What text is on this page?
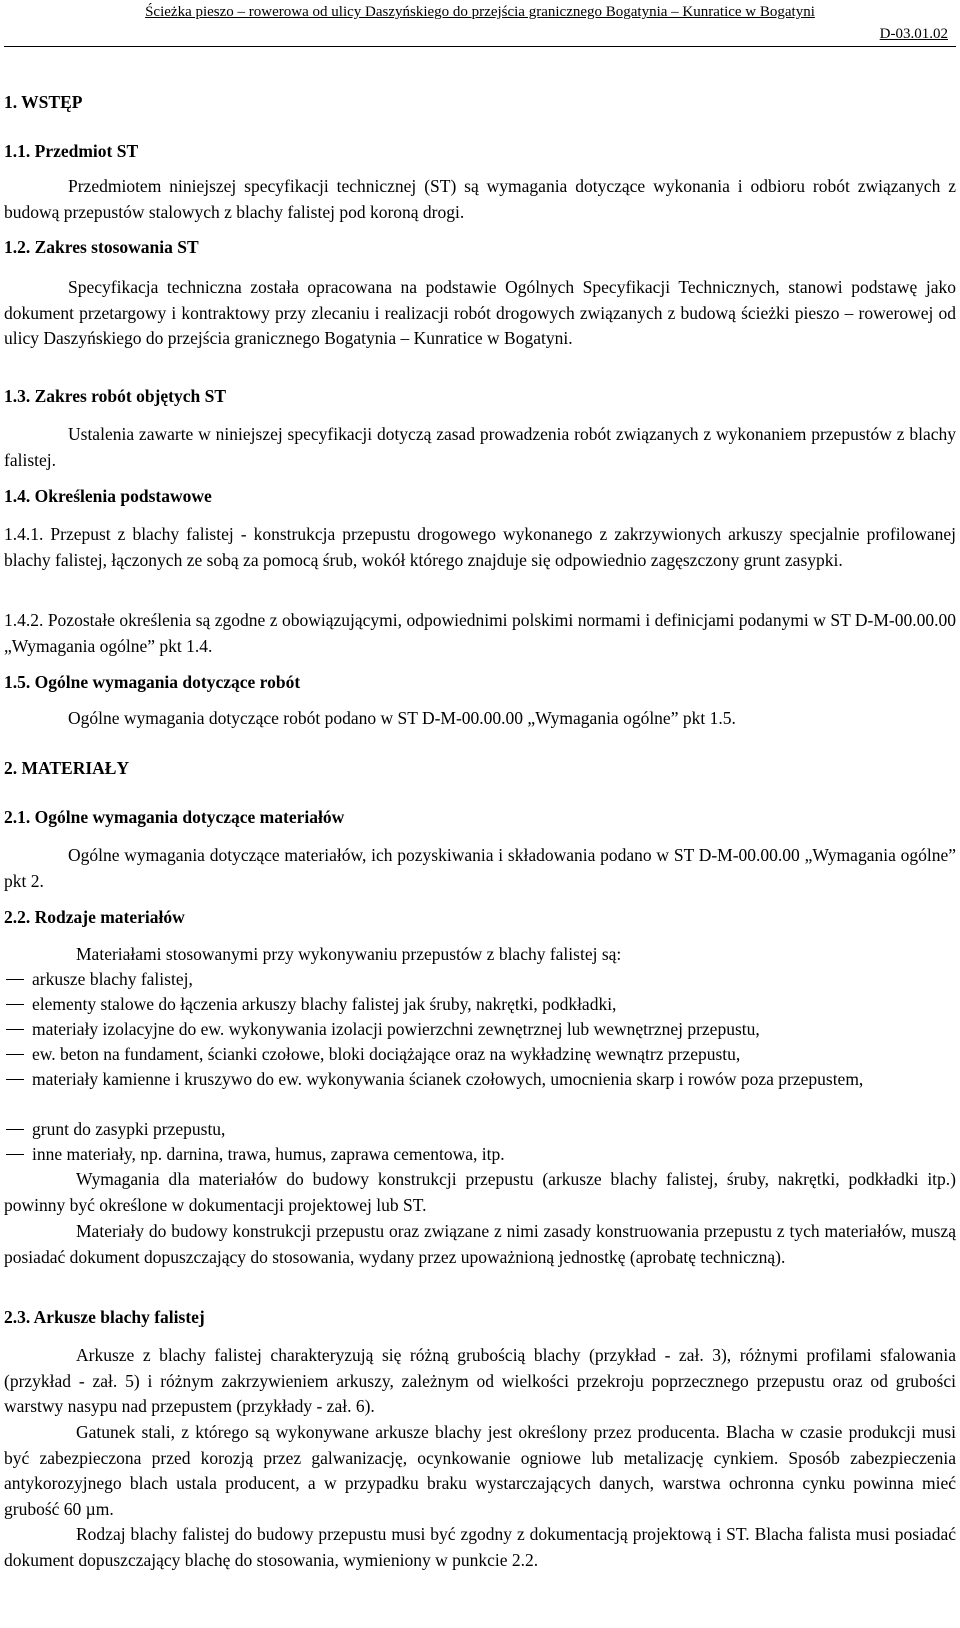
Ścieżka pieszo – rowerowa od ulicy Daszyńskiego do przejścia granicznego Bogatynia – Kunratice w Bogatyni
D-03.01.02
1. WSTĘP
1.1. Przedmiot ST

Przedmiotem niniejszej specyfikacji technicznej (ST) są wymagania dotyczące wykonania i odbioru robót związanych z budową przepustów stalowych z blachy falistej pod koroną drogi.

1.2. Zakres stosowania ST

Specyfikacja techniczna została opracowana na podstawie Ogólnych Specyfikacji Technicznych, stanowi podstawę jako dokument przetargowy i kontraktowy przy zlecaniu i realizacji robót drogowych związanych z budową ścieżki pieszo – rowerowej od ulicy Daszyńskiego do przejścia granicznego Bogatynia – Kunratice w Bogatyni.

1.3. Zakres robót objętych ST

Ustalenia zawarte w niniejszej specyfikacji dotyczą zasad prowadzenia robót związanych z wykonaniem przepustów z blachy falistej.

1.4. Określenia podstawowe

1.4.1. Przepust z blachy falistej - konstrukcja przepustu drogowego wykonanego z zakrzywionych arkuszy specjalnie profilowanej blachy falistej, łączonych ze sobą za pomocą śrub, wokół którego znajduje się odpowiednio zagęszczony grunt zasypki.

1.4.2. Pozostałe określenia są zgodne z obowiązującymi, odpowiednimi polskimi normami i definicjami podanymi w ST D-M-00.00.00 „Wymagania ogólne” pkt 1.4.

1.5. Ogólne wymagania dotyczące robót

Ogólne wymagania dotyczące robót podano w ST D-M-00.00.00 „Wymagania ogólne” pkt 1.5.

2. MATERIAŁY
2.1. Ogólne wymagania dotyczące materiałów

Ogólne wymagania dotyczące materiałów, ich pozyskiwania i składowania podano w ST D-M-00.00.00 „Wymagania ogólne” pkt 2.

2.2. Rodzaje materiałów

Materiałami stosowanymi przy wykonywaniu przepustów z blachy falistej są:

arkusze blachy falistej,
elementy stalowe do łączenia arkuszy blachy falistej jak śruby, nakrętki, podkładki,
materiały izolacyjne do ew. wykonywania izolacji powierzchni zewnętrznej lub wewnętrznej przepustu,
ew. beton na fundament, ścianki czołowe, bloki dociążające oraz na wykładzinę wewnątrz przepustu,
materiały kamienne i kruszywo do ew. wykonywania ścianek czołowych, umocnienia skarp i rowów poza przepustem,
grunt do zasypki przepustu,
inne materiały, np. darnina, trawa, humus, zaprawa cementowa, itp.

Wymagania dla materiałów do budowy konstrukcji przepustu (arkusze blachy falistej, śruby, nakrętki, podkładki itp.) powinny być określone w dokumentacji projektowej lub ST.

Materiały do budowy konstrukcji przepustu oraz związane z nimi zasady konstruowania przepustu z tych materiałów, muszą posiadać dokument dopuszczający do stosowania, wydany przez upoważnioną jednostkę (aprobatę techniczną).

2.3. Arkusze blachy falistej

Arkusze z blachy falistej charakteryzują się różną grubością blachy (przykład - zał. 3), różnymi profilami sfalowania (przykład - zał. 5) i różnym zakrzywieniem arkuszy, zależnym od wielkości przekroju poprzecznego przepustu oraz od grubości warstwy nasypu nad przepustem (przykłady - zał. 6).

Gatunek stali, z którego są wykonywane arkusze blachy jest określony przez producenta. Blacha w czasie produkcji musi być zabezpieczona przed korozją przez galwanizację, ocynkowanie ogniowe lub metalizację cynkiem. Sposób zabezpieczenia antykorozyjnego blach ustala producent, a w przypadku braku wystarczających danych, warstwa ochronna cynku powinna mieć grubość 60 µm.

Rodzaj blachy falistej do budowy przepustu musi być zgodny z dokumentacją projektową i ST. Blacha falista musi posiadać dokument dopuszczający blachę do stosowania, wymieniony w punkcie 2.2.
